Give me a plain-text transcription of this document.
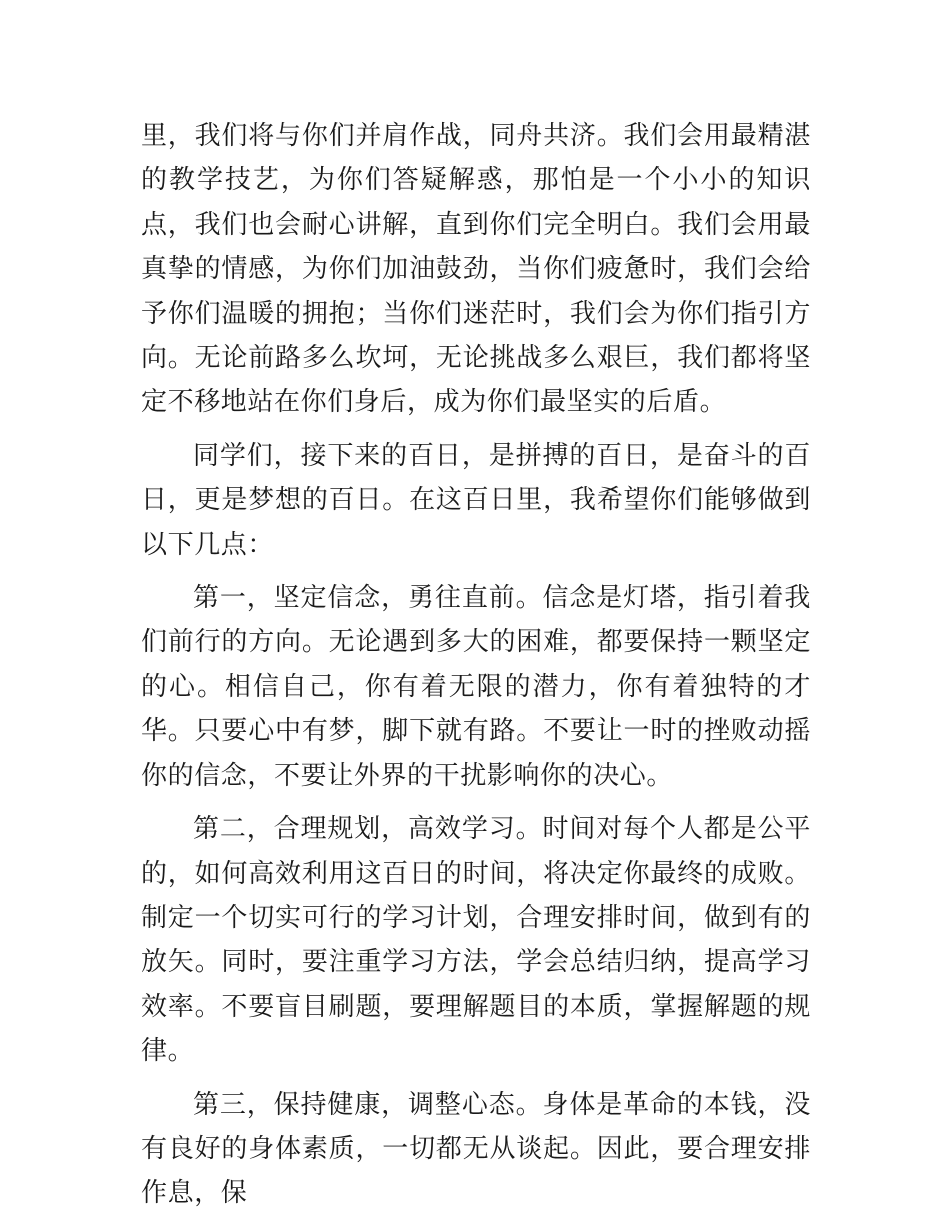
里，我们将与你们并肩作战，同舟共济。我们会用最精湛的教学技艺，为你们答疑解惑，那怕是一个小小的知识点，我们也会耐心讲解，直到你们完全明白。我们会用最真挚的情感，为你们加油鼓劲，当你们疲惫时，我们会给予你们温暖的拥抱；当你们迷茫时，我们会为你们指引方向。无论前路多么坎坷，无论挑战多么艰巨，我们都将坚定不移地站在你们身后，成为你们最坚实的后盾。

同学们，接下来的百日，是拼搏的百日，是奋斗的百日，更是梦想的百日。在这百日里，我希望你们能够做到以下几点：

第一，坚定信念，勇往直前。信念是灯塔，指引着我们前行的方向。无论遇到多大的困难，都要保持一颗坚定的心。相信自己，你有着无限的潜力，你有着独特的才华。只要心中有梦，脚下就有路。不要让一时的挫败动摇你的信念，不要让外界的干扰影响你的决心。

第二，合理规划，高效学习。时间对每个人都是公平的，如何高效利用这百日的时间，将决定你最终的成败。制定一个切实可行的学习计划，合理安排时间，做到有的放矢。同时，要注重学习方法，学会总结归纳，提高学习效率。不要盲目刷题，要理解题目的本质，掌握解题的规律。

第三，保持健康，调整心态。身体是革命的本钱，没有良好的身体素质，一切都无从谈起。因此，要合理安排作息，保
